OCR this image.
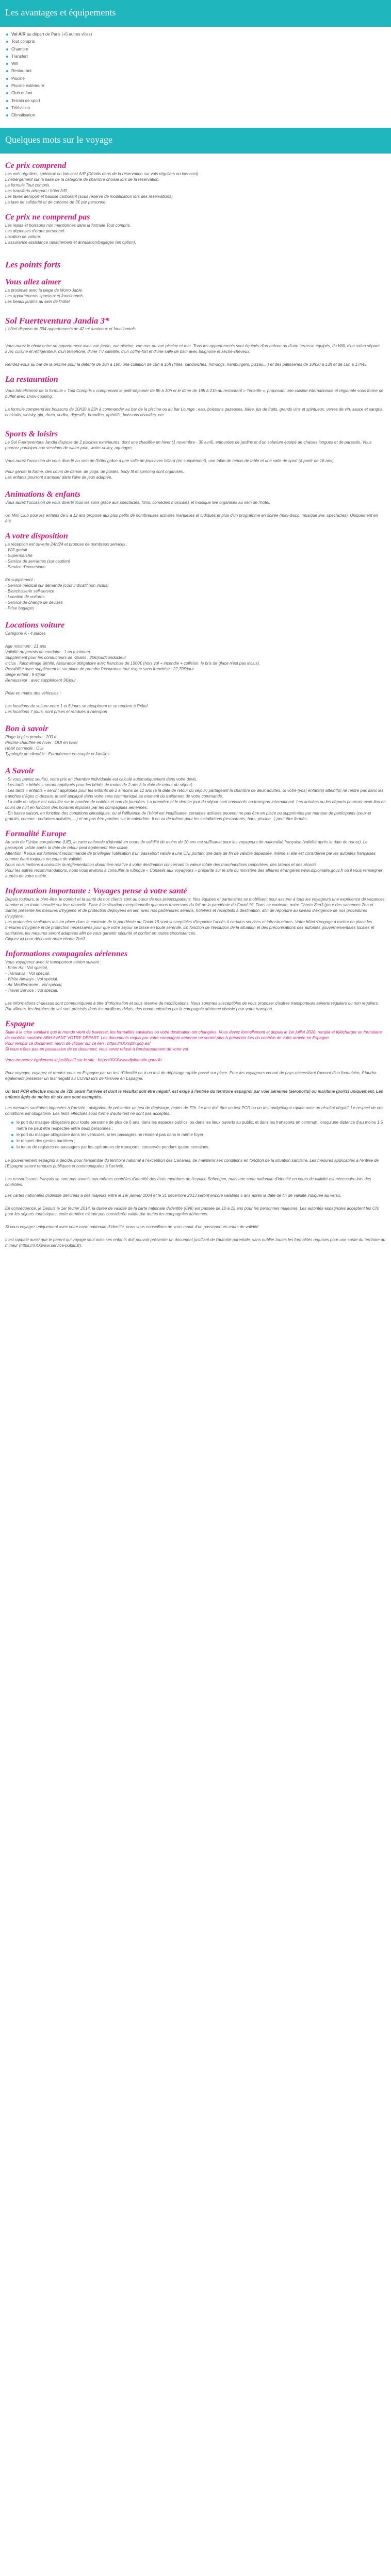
Les avantages et équipements
Vol A/R au départ de Paris (+5 autres villes)
Tout compris
Chambre
Transfert
Wifi
Restaurant
Piscine
Piscine extérieure
Club enfant
Terrain de sport
Télévision
Climatisation
Quelques mots sur le voyage
Ce prix comprend

Les vols réguliers, spéciaux ou low-cost A/R (Détails dans de la réservation sur vols réguliers ou low-cost).

L'hébergement sur la base de la catégorie de chambre choisie lors de la réservation.

La formule Tout compris.

Les transferts aéroport / hôtel A/R.

Les taxes aéroport et hausse carburant (sous réserve de modification lors des réservations).

La taxe de solidarité et de carbone de 3€ par personne.

Ce prix ne comprend pas

Les repas et boissons non mentionnés dans la formule Tout compris.

Les dépenses d'ordre personnel.

Location de voiture.

L'assurance assistance rapatriement et annulation/bagages (en option).

Les points forts
Vous allez aimer

La proximité avec la plage de Morro Jable.

Les appartements spacieux et fonctionnels.

Les beaux jardins au sein de l'hôtel.

Sol Fuerteventura Jandia 3*

L'hôtel dispose de 394 appartements de 42 m² lumineux et fonctionnels.

Vous aurez le choix entre un appartement avec vue jardin, vue piscine, vue mer ou vue piscine et mer. Tous les appartements sont équipés d'un balcon ou d'une terrasse équipés, du Wifi, d'un salon séparé avec cuisine et réfrigérateur, d'un téléphone, d'une TV satellite, d'un coffre-fort et d'une salle de bain avec baignoire et sèche-cheveux.

Rendez-vous au bar de la piscine pour la détente de 10h à 19h, une collation de 15h à 16h (frites, sandwiches, hot-dogs, hamburgers, pizzas,...) et des pâtisseries de 10h30 à 13h et de 16h à 17h45.

La restauration

Vous bénéficierez de la formule « Tout Compris » comprenant le petit-déjeuner de 8h à 10h et le dîner de 18h à 21h au restaurant « Tenerife », proposant une cuisine internationale et régionale sous forme de buffet avec show-cooking.

La formule comprend les boissons de 10h30 à 23h à commander au bar de la piscine ou au bar Lounge : eau, boissons gazeuses, bière, jus de fruits, grands vins et spiritueux, verres de vin, sauce et sangria, cocktails, whisky, gin, rhum, vodka, digestifs, brandies, apéritifs, boissons chaudes, etc.

Sports & loisirs

Le Sol Fuerteventura Jandía dispose de 2 piscines extérieures, dont une chauffée en hiver (1 novembre - 30 avril), entourées de jardins et d'un solarium équipé de chaises longues et de parasols. Vous pourrez participer aux sessions de water-polo, water-volley, aquagym,...

Vous aurez l'occasion de vous divertir au sein de l'hôtel grâce à une salle de jeux avec billard (en supplément), une table de tennis de table et une salle de sport (à partir de 16 ans).

Pour garder la forme, des cours de danse, de yoga, de pilates, body fit et spinning sont organisés.

Les enfants pourront s'amuser dans l'aire de jeux adaptée.

Animations & enfants

Vous aurez l'occasion de vous divertir tous les soirs grâce aux spectacles, films, comédies musicales et musique live organisés au sein de l'hôtel.

Un Mini Club pour les enfants de 5 à 12 ans proposé aux plus petits de nombreuses activités manuelles et ludiques et plus d'un programme en soirée (mini-disco, musique live, spectacles). Uniquement en été.

A votre disposition

La réception est ouverte 24h/24 et propose de nombreux services :

- Wifi gratuit

- Supermarché

- Service de serviettes (sur caution)

- Service d'excursions

En supplément :

- Service médical sur demande (coût indicatif non inclus)

- Blanchisserie self-service

- Location de voitures

- Service de change de devises

- Prise bagages

Locations voiture

Catégorie A - 4 places

Age minimum : 21 ans

Validité du permis de conduire : 1 an minimum.

Supplément pour les conducteurs de -25ans : 20€/jour/conducteur

Inclus : Kilométrage illimité, Assurance obligatoire avec franchise de 1500€ (hors vol + incendie + collision, le bris de glace n'est pas inclus).

Possibilité avec supplément et sur place de prendre l'assurance tout risque sans franchise : 22,70€/jour

Siège enfant : 9 €/jour

Rehausseur : avec supplément 3€/jour

Prise en mains des véhicules :

Les locations de voiture entre 1 et 6 jours se récupèrent et se rendent à l'hôtel

Les locations 7 jours, sont prises et rendues à l'aéroport

Bon à savoir

Plage la plus proche : 200 m

Piscine chauffée en hiver : OUI en hiver

Hôtel connecté : OUI

Typologie de clientèle : Européenne en couple et familles

A Savoir

- Si vous partez seul(e), votre prix en chambre individuelle est calculé automatiquement dans votre devis.

- Les tarifs « bébés » seront appliqués pour les bébés de moins de 2 ans à la date de retour du séjour).

- Les tarifs « enfants » seront appliqués pour les enfants de 2 à moins de 12 ans (à la date de retour du séjour) partageant la chambre de deux adultes. Si votre (vos) enfant(s) atteint(s) ne rentre pas dans les tranches d'âges ci-dessus, le tarif appliqué dans votre sera communiqué au moment du traitement de votre commande.

- La taille du séjour est calculée sur le nombre de nuitées et non de journées. La première et le dernier jour du séjour sont consacrés au transport international. Les arrivées ou les départs pourront avoir lieu en cours de nuit en fonction des horaires imposés par les compagnies aériennes.

- En basse saison, en fonction des conditions climatiques, ou si l'affluence de l'hôtel est insuffisante, certaines activités peuvent ne pas être en place ou supprimées par manque de participants (ceux-ci gratuits, comme : certaines activités, ...) et ne pas être portées sur le calendrier. Il en va de même pour les installations (restaurants, bars, piscine...) peut être fermés.

Formalité Europe

Au sein de l'Union européenne (UE), la carte nationale d'identité en cours de validité de moins de 10 ans est suffisante pour les voyageurs de nationalité française (validité après la date de retour). Le passeport valide après la date de retour peut également être utilisé.

Attention: Il vous est fortement recommandé de privilégier l'utilisation d'un passeport valide à une CNI portant une date de fin de validité dépassée, même si elle est considérée par les autorités françaises comme étant toujours en cours de validité.

Nous vous invitons à consulter la réglementation douanière relative à votre destination concernant la valeur totale des marchandises rapportées, des tabacs et des alcools.

Pour les autres recommandations, nous vous invitons à consulter la rubrique « Conseils aux voyageurs » présente sur le site du ministère des affaires étrangères www.diplomatie.gouv.fr où il vous renseigner auprès de votre mairie.

Information importante : Voyages pense à votre santé

Depuis toujours, le bien-être, le confort et la santé de nos clients sont au cœur de nos préoccupations. Nos équipes et partenaires se mobilisent pour assurer à tous les voyageurs une expérience de vacances sereine et en toute sécurité sur leur nouvelle. Face à la situation exceptionnelle que nous traversons du fait de la pandémie du Covid-19. Dans ce contexte, notre Charte Zen3 (pour des vacances Zen et Santé) présente les mesures d'hygiène et de protection déployées en lien avec nos partenaires aériens, hôteliers et récepteifs à destination, afin de répondre au niveau d'exigence de nos procédures d'hygiène.

Les protocoles sanitaires mis en place dans le contexte de la pandémie du Covid-19 sont susceptibles d'impacter l'accès à certains services et infrastructures. Votre hôtel s'engage à mettre en place les mesures d'hygiène et de protection nécessaires pour que votre séjour se fasse en toute sérénité. En fonction de l'évolution de la situation et des préconisations des autorités gouvernementales locales et sanitaires, les mesures seront adaptées afin de vous garantir sécurité et confort en toutes circonstances.

Cliquez ici pour découvrir notre charte Zen3.

Informations compagnies aériennes

Vous voyagerez avec le transporteur aérien suivant :

- Enter Air : Vol spécial,

- Transavia : Vol spécial,

- White Airways : Vol spécial,

- Air Mediterranée : Vol spécial,

- Travel Service : Vol spécial.

Les informations ci-dessus sont communiquées à titre d'information et sous réserve de modifications. Nous sommes susceptibles de vous proposer d'autres transporteurs aériens réguliers ou non réguliers. Par ailleurs, les horaires de vol sont précisés dans les meilleurs délais, dès communication par la compagnie aérienne choisie pour votre transport.

Espagne

Suite à la crise sanitaire que le monde vient de traverser, les formalités sanitaires ou votre destination ont changées. Vous devez formellement et depuis le 1er juillet 2020, remplir et télécharger un formulaire de contrôle sanitaire ABH AVANT VOTRE DÉPART. Les documents requis par votre compagnie aérienne ne seront plus à présenter lors du contrôle de votre arrivée en Espagne.

Pour remplir ce document, merci de cliquer sur ce lien : https://XXXspth.gob.es/

Si vous n'êtes pas en possession de ce document, vous serez refusé à l'embarquement de votre vol.

Vous trouverez également le justificatif sur le site : https://XXXwww.diplomatie.gouv.fr/

Pour voyager, voyagez et rendez-vous en Espagne par un test d'identité ou à un test de dépistage rapide passé sur place. Pour les voyageurs venant de pays nécessitant l'accord d'un formulaire, il faudra également présenter un test négatif au COVID lors de l'arrivée en Espagne.

Un test PCR effectué moins de 72h avant l'arrivée et dont le résultat doit être négatif, est exigé à l'entrée du territoire espagnol par voie aérienne (aéroports) ou maritime (ports) uniquement. Les enfants âgés de moins de six ans sont exemptés.

Les mesures sanitaires imposées à l'arrivée : obligation de présenter un test de dépistage, moins de 72h. Le test doit être un test PCR ou un test antigénique rapide avec un résultat négatif. Le respect de ces conditions est obligatoire. Les tests effectués sous forme d'auto-test ne sont pas acceptés.

le port du masque obligatoire pour toute personne de plus de 6 ans, dans les espaces publics, ou dans les lieux ouverts au public, et dans les transports en commun, lorsqu'une distance d'au moins 1,5 mètre ne peut être respectée entre deux personnes ;
le port du masque obligatoire dans les véhicules, si les passagers ne résident pas dans le même foyer ;
le respect des gestes barrières ;
la tenue de registres de passagers par les opérateurs de transports, conservés pendant quatre semaines.

Le gouvernement espagnol a décidé, pour l'ensemble du territoire national à l'exception des Canaries, de maintenir ses conditions en fonction de la situation sanitaire. Les mesures applicables à l'entrée de l'Espagne seront rendues publiques et communiquées à l'arrivée.

Les ressortissants français se sont pas soumis aux mêmes contrôles d'identité des états membres de l'espace Schengen, mais une carte nationale d'identité en cours de validité est nécessaire lors des contrôles.

Les cartes nationales d'identité délivrées à des majeurs entre le 1er janvier 2004 et le 31 décembre 2013 seront encore valables 5 ans après la date de fin de validité indiquée au verso.

En conséquence, je Depuis le 1er février 2014, la durée de validité de la carte nationale d'identité (CNI) est passée de 10 à 15 ans pour les personnes majeures. Les autorités espagnoles acceptent les CNI pour les séjours touristiques, cette dernière n'étant pas considérée valide par toutes les compagnies aériennes.

Si vous voyagez uniquement avec votre carte nationale d'identité, nous vous conseillons de vous munir d'un passeport en cours de validité.

Il est rappelé aussi que le parent qui voyage seul avec ses enfants doit pouvoir présenter un document justifiant de l'autorité parentale, sans oublier toutes les formalités requises pour une sortie du territoire du mineur (https://XXXwww.service-public.fr).
